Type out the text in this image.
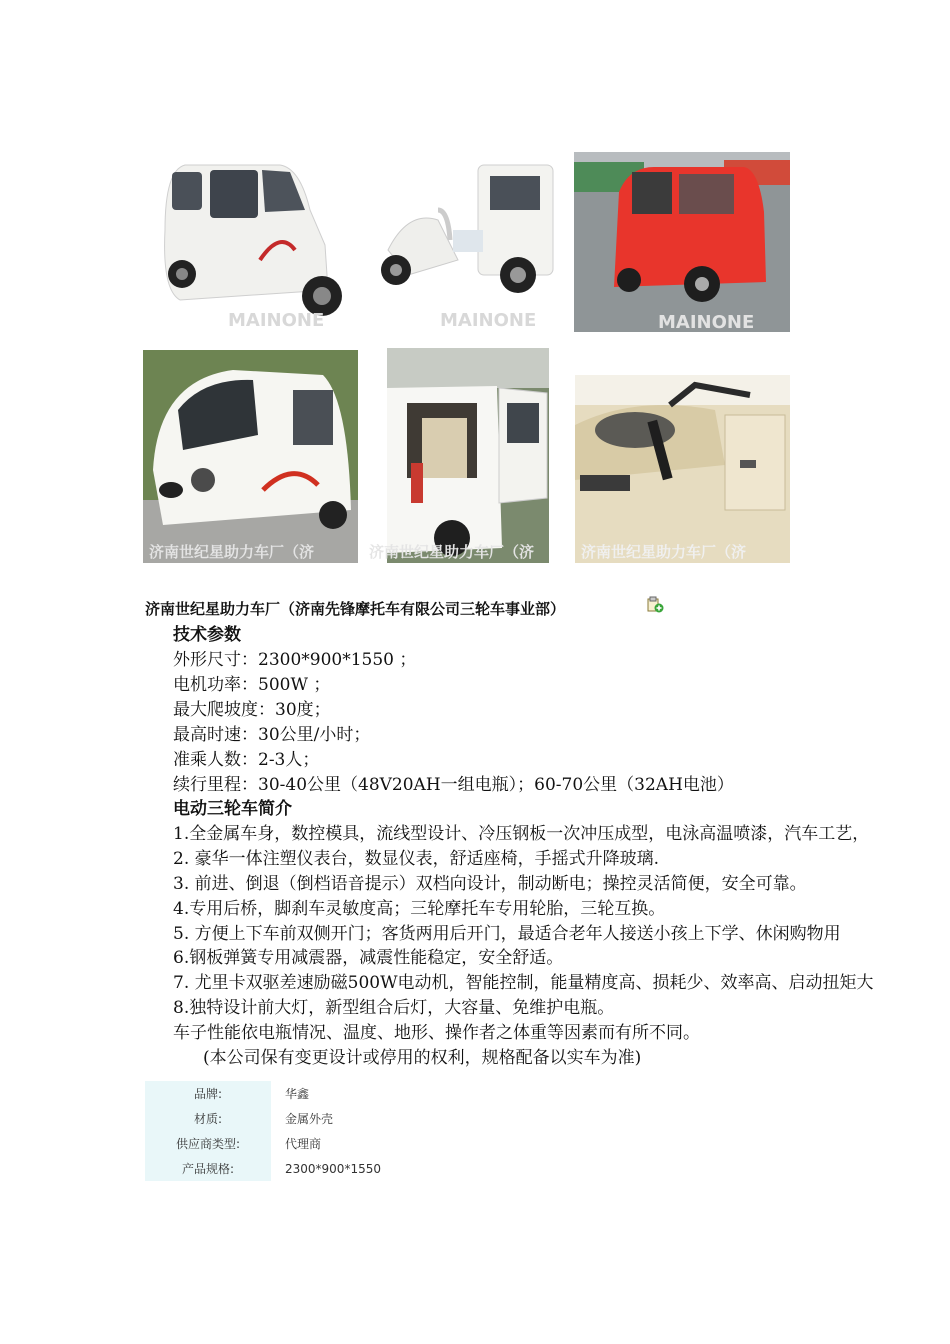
MAINONE	MAINONE	MAINONE
济南世纪星助力车厂（济	济南世纪星助力车厂（济	济南世纪星助力车厂（济
济南世纪星助力车厂（济南先锋摩托车有限公司三轮车事业部）
技术参数
外形尺寸：2300*900*1550 ；
电机功率：500W ；
最大爬坡度：30度；
最高时速：30公里/小时；
准乘人数：2-3人；
续行里程：30-40公里（48V20AH一组电瓶）；60-70公里（32AH电池）
电动三轮车简介
1.全金属车身，数控模具，流线型设计、冷压钢板一次冲压成型，电泳高温喷漆，汽车工艺，
2. 豪华一体注塑仪表台，数显仪表，舒适座椅，手摇式升降玻璃.
3. 前进、倒退（倒档语音提示）双档向设计，制动断电；操控灵活简便，安全可靠。
4.专用后桥，脚刹车灵敏度高；三轮摩托车专用轮胎，三轮互换。
5. 方便上下车前双侧开门；客货两用后开门，最适合老年人接送小孩上下学、休闲购物用
6.钢板弹簧专用减震器，减震性能稳定，安全舒适。
7. 尤里卡双驱差速励磁500W电动机，智能控制，能量精度高、损耗少、效率高、启动扭矩大
8.独特设计前大灯，新型组合后灯，大容量、免维护电瓶。
车子性能依电瓶情况、温度、地形、操作者之体重等因素而有所不同。
(本公司保有变更设计或停用的权利，规格配备以实车为准)
品牌:	华鑫
材质:	金属外壳
供应商类型:	代理商
产品规格:	2300*900*1550
